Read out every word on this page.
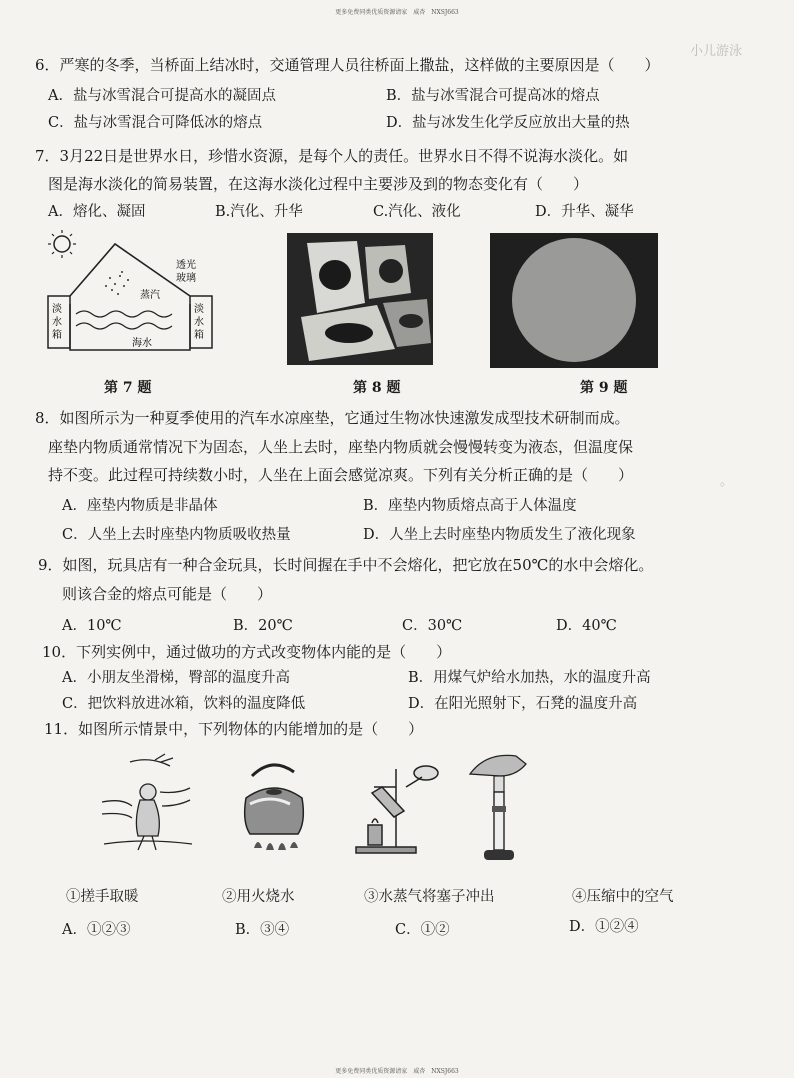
更多免费同类优质资源请家　威杏　NXSJ663
小儿游泳
。
6．严寒的冬季，当桥面上结冰时，交通管理人员往桥面上撒盐，这样做的主要原因是（　　）
A．盐与冰雪混合可提高水的凝固点	B．盐与冰雪混合可提高冰的熔点
C．盐与冰雪混合可降低冰的熔点	D．盐与冰发生化学反应放出大量的热
7．3月22日是世界水日，珍惜水资源，是每个人的责任。世界水日不得不说海水淡化。如
图是海水淡化的简易装置，在这海水淡化过程中主要涉及到的物态变化有（　　）
A．熔化、凝固	B.汽化、升华	C.汽化、液化	D．升华、凝华
蒸汽
海水
透光
玻璃
淡
水
箱
淡
水
箱
第 7 题	第 8 题	第 9 题
8．如图所示为一种夏季使用的汽车水凉座垫，它通过生物冰快速激发成型技术研制而成。
座垫内物质通常情况下为固态，人坐上去时，座垫内物质就会慢慢转变为液态，但温度保
持不变。此过程可持续数小时，人坐在上面会感觉凉爽。下列有关分析正确的是（　　）
A．座垫内物质是非晶体	B．座垫内物质熔点高于人体温度
C．人坐上去时座垫内物质吸收热量	D．人坐上去时座垫内物质发生了液化现象
9．如图，玩具店有一种合金玩具，长时间握在手中不会熔化，把它放在50℃的水中会熔化。
则该合金的熔点可能是（　　）
A．10℃	B．20℃	C．30℃	D．40℃
10．下列实例中，通过做功的方式改变物体内能的是（　　）
A．小朋友坐滑梯，臀部的温度升高	B．用煤气炉给水加热，水的温度升高
C．把饮料放进冰箱，饮料的温度降低	D．在阳光照射下，石凳的温度升高
11．如图所示情景中，下列物体的内能增加的是（　　）
①搓手取暖	②用火烧水	③水蒸气将塞子冲出	④压缩中的空气
A．①②③	B．③④	C．①②	D．①②④
更多免费同类优质资源请家　威杏　NXSJ663
